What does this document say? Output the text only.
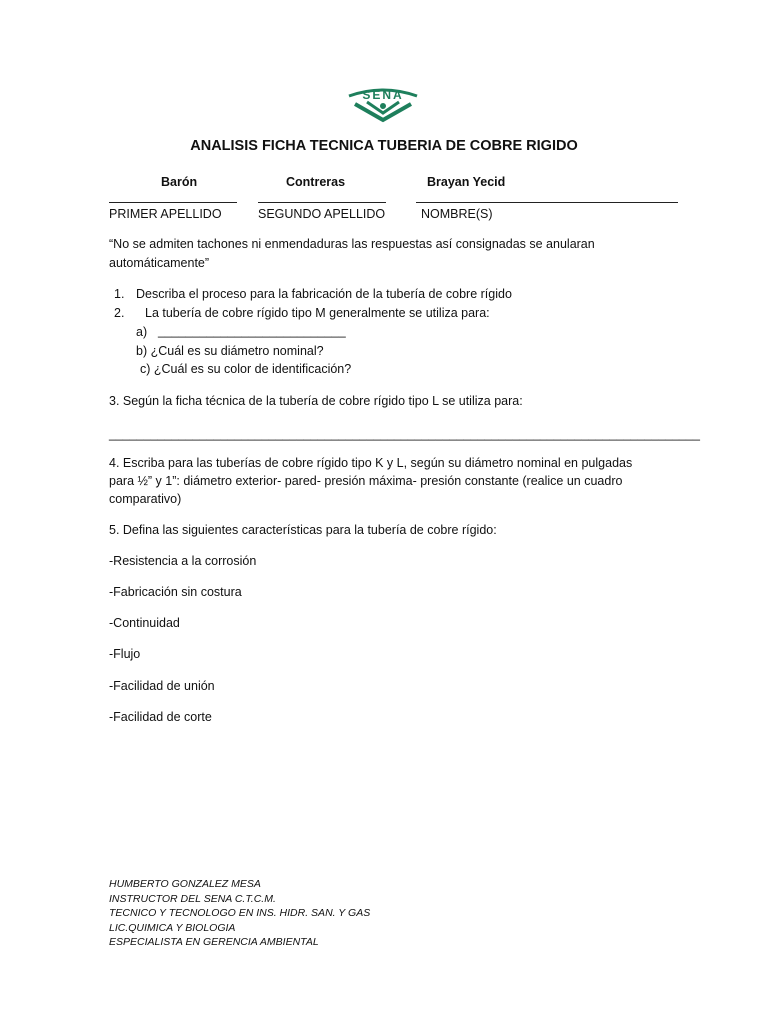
SENA
ANALISIS FICHA TECNICA TUBERIA DE COBRE RIGIDO
Barón	Contreras	Brayan Yecid
PRIMER APELLIDO	SEGUNDO APELLIDO	NOMBRE(S)
“No se admiten tachones ni enmendaduras las respuestas así consignadas se anularan
automáticamente”
1. Describa el proceso para la fabricación de la tubería de cobre rígido
2. La tubería de cobre rígido tipo M generalmente se utiliza para:
a) ___________________________
b) ¿Cuál es su diámetro nominal?
c) ¿Cuál es su color de identificación?
3. Según la ficha técnica de la tubería de cobre rígido tipo L se utiliza para:
_____________________________________________________________________________________
4. Escriba para las tuberías de cobre rígido tipo K y L, según su diámetro nominal en pulgadas
para ½” y 1”: diámetro exterior- pared- presión máxima- presión constante (realice un cuadro
comparativo)
5. Defina las siguientes características para la tubería de cobre rígido:
-Resistencia a la corrosión
-Fabricación sin costura
-Continuidad
-Flujo
-Facilidad de unión
-Facilidad de corte
HUMBERTO GONZALEZ MESA
INSTRUCTOR DEL SENA C.T.C.M.
TECNICO Y TECNOLOGO EN INS. HIDR. SAN. Y GAS
LIC.QUIMICA Y BIOLOGIA
ESPECIALISTA EN GERENCIA AMBIENTAL
